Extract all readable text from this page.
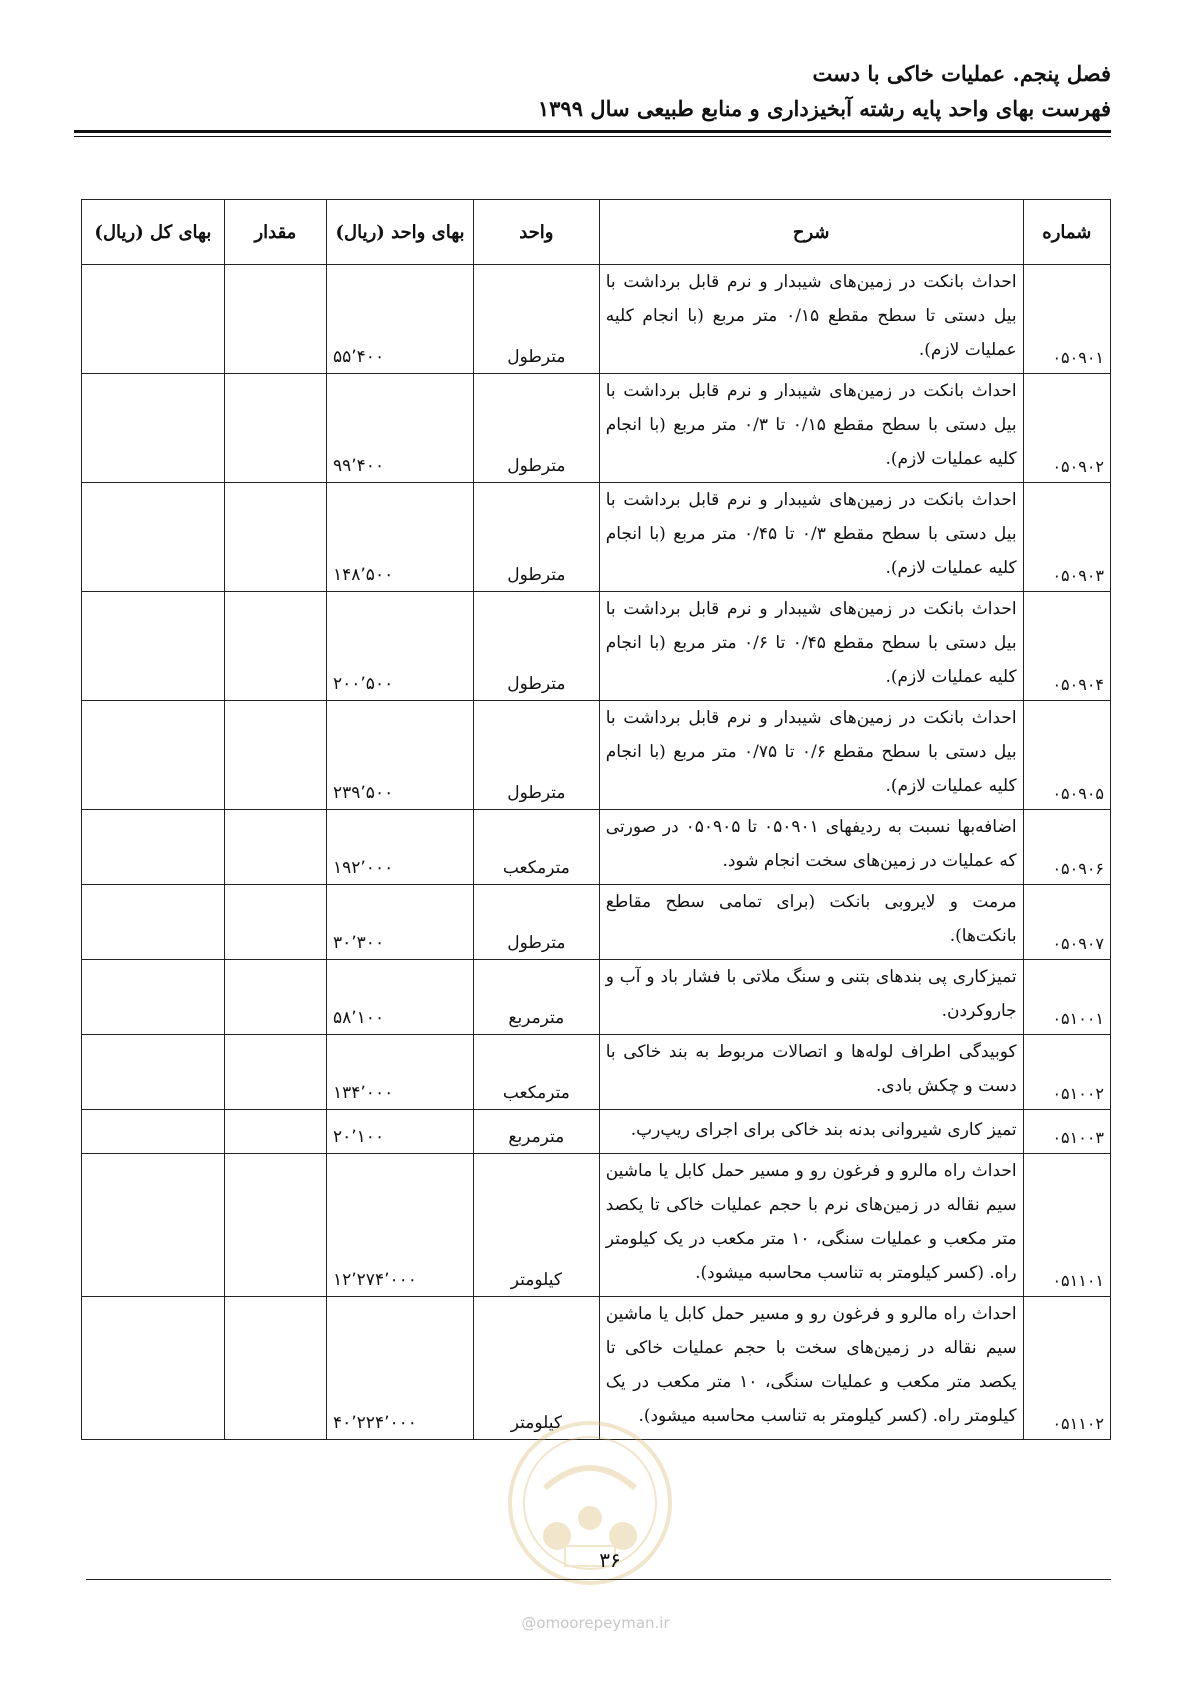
فصل پنجم. عملیات خاکی با دست
فهرست بهای واحد پایه رشته آبخیزداری و منابع طبیعی سال ۱۳۹۹
شماره	شرح	واحد	بهای واحد (ریال)	مقدار	بهای کل (ریال)
۰۵۰۹۰۱	احداث بانکت در زمین‌های شیبدار و نرم قابل برداشت با بیل دستی تا سطح مقطع ۰/۱۵ متر مربع (با انجام کلیه عملیات لازم).	مترطول	۵۵٬۴۰۰		
۰۵۰۹۰۲	احداث بانکت در زمین‌های شیبدار و نرم قابل برداشت با بیل دستی با سطح مقطع ۰/۱۵ تا ۰/۳ متر مربع (با انجام کلیه عملیات لازم).	مترطول	۹۹٬۴۰۰		
۰۵۰۹۰۳	احداث بانکت در زمین‌های شیبدار و نرم قابل برداشت با بیل دستی با سطح مقطع ۰/۳ تا ۰/۴۵ متر مربع (با انجام کلیه عملیات لازم).	مترطول	۱۴۸٬۵۰۰		
۰۵۰۹۰۴	احداث بانکت در زمین‌های شیبدار و نرم قابل برداشت با بیل دستی با سطح مقطع ۰/۴۵ تا ۰/۶ متر مربع (با انجام کلیه عملیات لازم).	مترطول	۲۰۰٬۵۰۰		
۰۵۰۹۰۵	احداث بانکت در زمین‌های شیبدار و نرم قابل برداشت با بیل دستی با سطح مقطع ۰/۶ تا ۰/۷۵ متر مربع (با انجام کلیه عملیات لازم).	مترطول	۲۳۹٬۵۰۰		
۰۵۰۹۰۶	اضافه‌بها نسبت به ردیفهای ۰۵۰۹۰۱ تا ۰۵۰۹۰۵ در صورتی که عملیات در زمین‌های سخت انجام شود.	مترمکعب	۱۹۲٬۰۰۰		
۰۵۰۹۰۷	مرمت و لایروبی بانکت (برای تمامی سطح مقاطع بانکت‌ها).	مترطول	۳۰٬۳۰۰		
۰۵۱۰۰۱	تمیزکاری پی بندهای بتنی و سنگ ملاتی با فشار باد و آب و جاروکردن.	مترمربع	۵۸٬۱۰۰		
۰۵۱۰۰۲	کوبیدگی اطراف لوله‌ها و اتصالات مربوط به بند خاکی با دست و چکش بادی.	مترمکعب	۱۳۴٬۰۰۰		
۰۵۱۰۰۳	تمیز کاری شیروانی بدنه بند خاکی برای اجرای ریپ‌رپ.	مترمربع	۲۰٬۱۰۰		
۰۵۱۱۰۱	احداث راه مالرو و فرغون رو و مسیر حمل کابل یا ماشین سیم نقاله در زمین‌های نرم با حجم عملیات خاکی تا یکصد متر مکعب و عملیات سنگی، ۱۰ متر مکعب در یک کیلومتر راه. (کسر کیلومتر به تناسب محاسبه میشود).	کیلومتر	۱۲٬۲۷۴٬۰۰۰		
۰۵۱۱۰۲	احداث راه مالرو و فرغون رو و مسیر حمل کابل یا ماشین سیم نقاله در زمین‌های سخت با حجم عملیات خاکی تا یکصد متر مکعب و عملیات سنگی، ۱۰ متر مکعب در یک کیلومتر راه. (کسر کیلومتر به تناسب محاسبه میشود).	کیلومتر	۴۰٬۲۲۴٬۰۰۰		
۳۶
@omoorepeyman.ir
